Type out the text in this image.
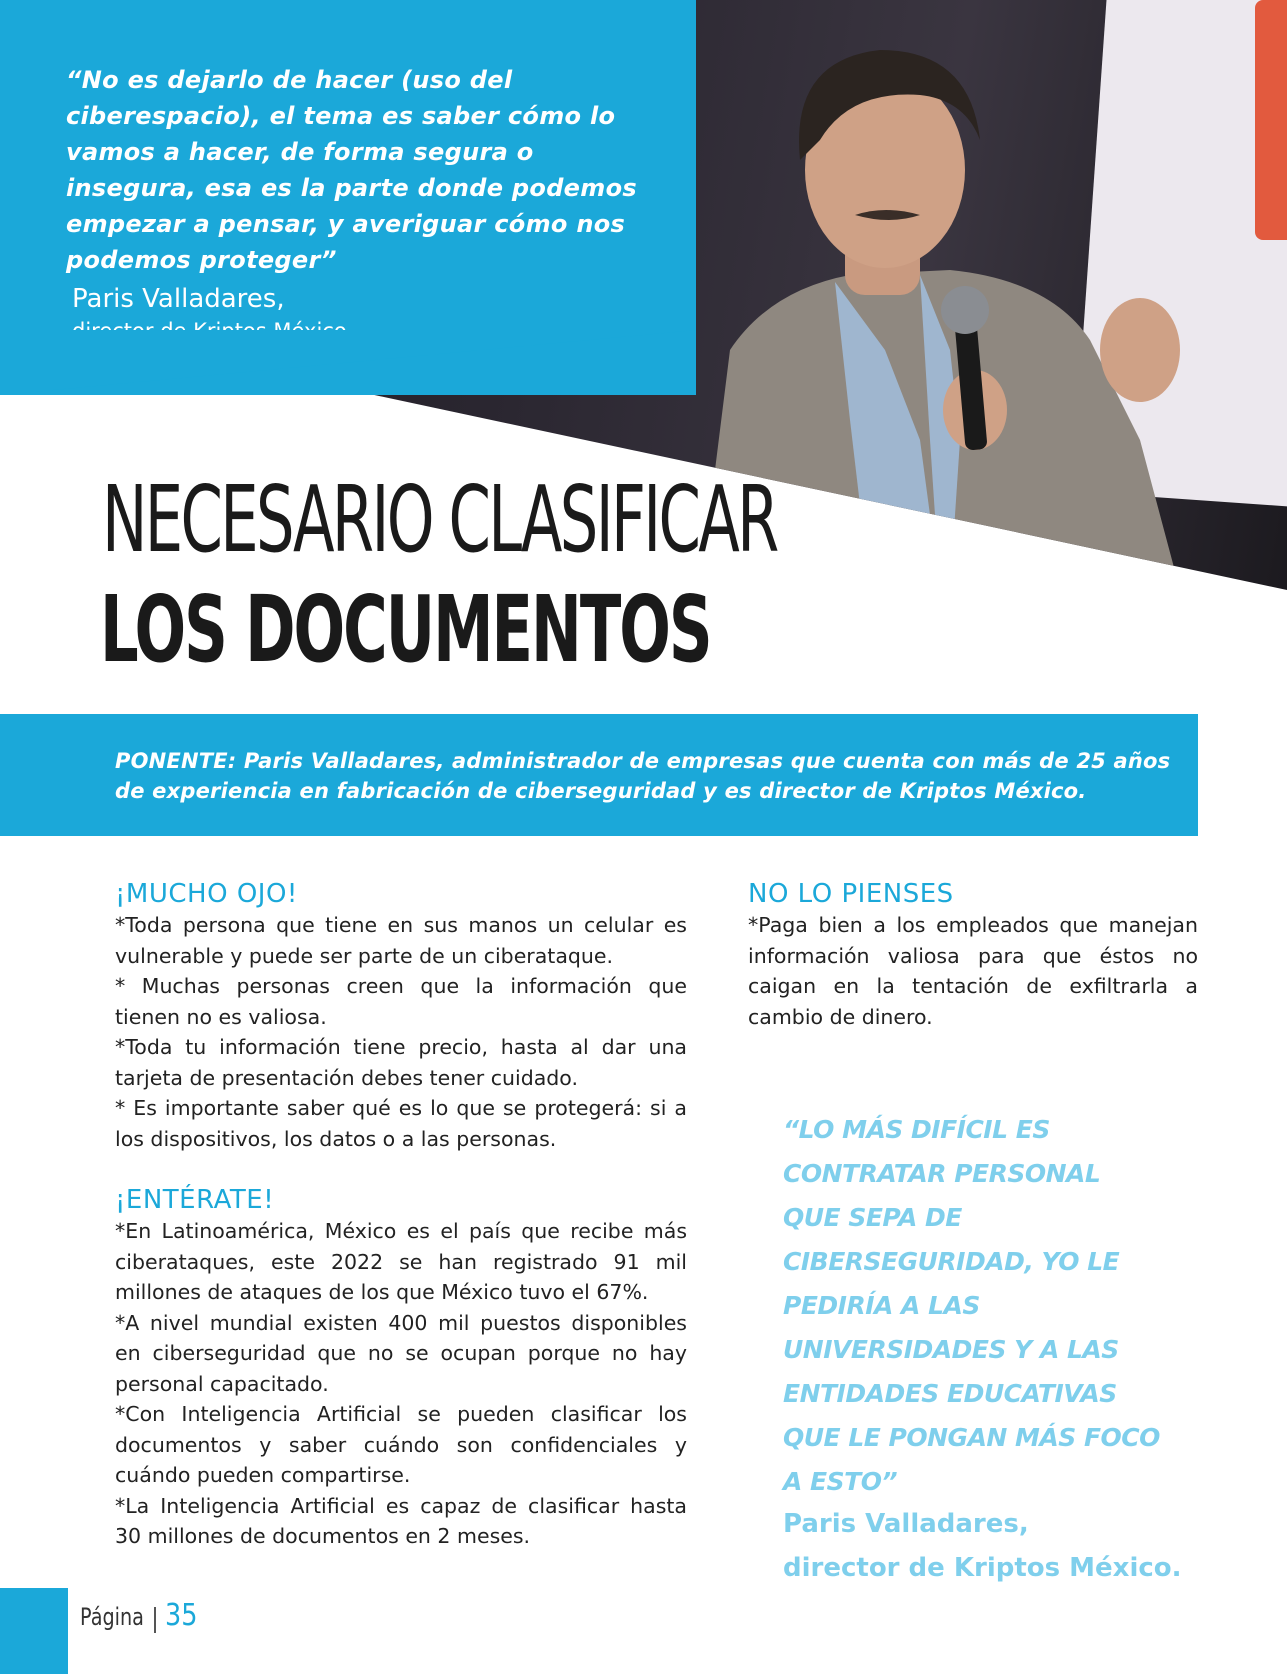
“No es dejarlo de hacer (uso del
ciberespacio), el tema es saber cómo lo
vamos a hacer, de forma segura o
insegura, esa es la parte donde podemos
empezar a pensar, y averiguar cómo nos
podemos proteger”
Paris Valladares,
director de Kriptos México.
NECESARIO CLASIFICAR
LOS DOCUMENTOS
PONENTE: Paris Valladares, administrador de empresas que cuenta con más de 25 años de experiencia en fabricación de ciberseguridad y es director de Kriptos México.
¡MUCHO OJO!
*Toda persona que tiene en sus manos un celular es vulnerable y puede ser parte de un ciberataque.
* Muchas personas creen que la información que tienen no es valiosa.
*Toda tu información tiene precio, hasta al dar una tarjeta de presentación debes tener cuidado.
* Es importante saber qué es lo que se protegerá: si a los dispositivos, los datos o a las personas.
¡ENTÉRATE!
*En Latinoamérica, México es el país que recibe más ciberataques, este 2022 se han registrado 91 mil millones de ataques de los que México tuvo el 67%.
*A nivel mundial existen 400 mil puestos disponibles en ciberseguridad que no se ocupan porque no hay personal capacitado.
*Con Inteligencia Artificial se pueden clasificar los documentos y saber cuándo son confidenciales y cuándo pueden compartirse.
*La Inteligencia Artificial es capaz de clasificar hasta 30 millones de documentos en 2 meses.
NO LO PIENSES
*Paga bien a los empleados que manejan información valiosa para que éstos no caigan en la tentación de exfiltrarla a cambio de dinero.
“LO MÁS DIFÍCIL ES
CONTRATAR PERSONAL
QUE SEPA DE
CIBERSEGURIDAD, YO LE
PEDIRÍA A LAS
UNIVERSIDADES Y A LAS
ENTIDADES EDUCATIVAS
QUE LE PONGAN MÁS FOCO
A ESTO”
Paris Valladares,
director de Kriptos México.
Página 35
